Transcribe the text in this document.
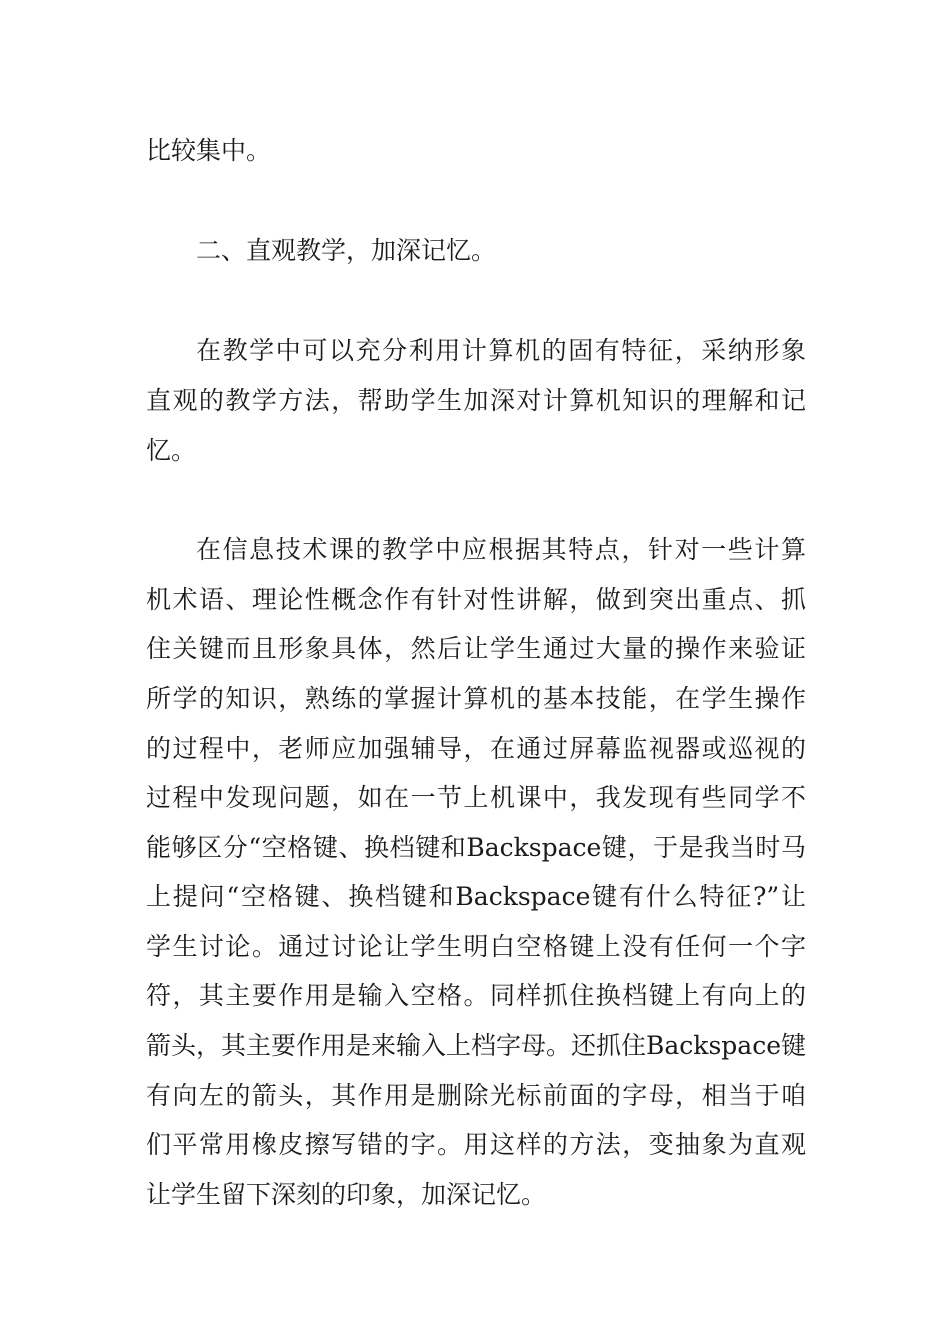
比较集中。
二、直观教学，加深记忆。
在教学中可以充分利用计算机的固有特征，采纳形象
直观的教学方法，帮助学生加深对计算机知识的理解和记
忆。
在信息技术课的教学中应根据其特点，针对一些计算
机术语、理论性概念作有针对性讲解，做到突出重点、抓
住关键而且形象具体，然后让学生通过大量的操作来验证
所学的知识，熟练的掌握计算机的基本技能，在学生操作
的过程中，老师应加强辅导，在通过屏幕监视器或巡视的
过程中发现问题，如在一节上机课中，我发现有些同学不
能够区分“空格键、换档键和Backspace键，于是我当时马
上提问“空格键、换档键和Backspace键有什么特征?”让
学生讨论。通过讨论让学生明白空格键上没有任何一个字
符，其主要作用是输入空格。同样抓住换档键上有向上的
箭头，其主要作用是来输入上档字母。还抓住Backspace键
有向左的箭头，其作用是删除光标前面的字母，相当于咱
们平常用橡皮擦写错的字。用这样的方法，变抽象为直观
让学生留下深刻的印象，加深记忆。
